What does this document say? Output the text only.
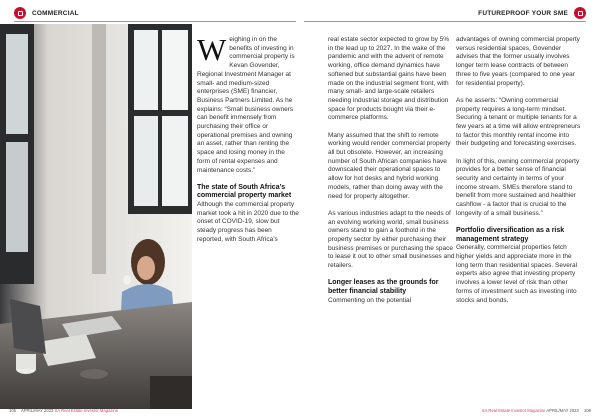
COMMERCIAL	FUTUREPROOF YOUR SME

Weighing in on the benefits of investing in commercial property is Kevan Govender, Regional Investment Manager at small- and medium-sized enterprises (SME) financier, Business Partners Limited. As he explains: “Small business owners can benefit immensely from purchasing their office or operational premises and owning an asset, rather than renting the space and losing money in the form of rental expenses and maintenance costs.”

The state of South Africa’s commercial property market

Although the commercial property market took a hit in 2020 due to the onset of COVID-19, slow but steady progress has been reported, with South Africa’s

real estate sector expected to grow by 5% in the lead up to 2027. In the wake of the pandemic and with the advent of remote working, office demand dynamics have softened but substantial gains have been made on the industrial segment front, with many small- and large-scale retailers needing industrial storage and distribution space for products bought via their e-commerce platforms.

Many assumed that the shift to remote working would render commercial property all but obsolete. However, an increasing number of South African companies have downscaled their operational spaces to allow for hot desks and hybrid working models, rather than doing away with the need for property altogether.

As various industries adapt to the needs of an evolving working world, small business owners stand to gain a foothold in the property sector by either purchasing their business premises or purchasing the space to lease it out to other small businesses and retailers.

Longer leases as the grounds for better financial stability

Commenting on the potential

advantages of owning commercial property versus residential spaces, Govender advises that the former usually involves longer term lease contracts of between three to five years (compared to one year for residential property).

As he asserts: “Owning commercial property requires a long-term mindset. Securing a tenant or multiple tenants for a few years at a time will allow entrepreneurs to factor this monthly rental income into their budgeting and forecasting exercises.

In light of this, owning commercial property provides for a better sense of financial security and certainty in terms of your income stream. SMEs therefore stand to benefit from more sustained and healthier cashflow - a factor that is crucial to the longevity of a small business.”

Portfolio diversification as a risk management strategy

Generally, commercial properties fetch higher yields and appreciate more in the long term than residential spaces. Several experts also agree that investing property involves a lower level of risk than other forms of investment such as investing into stocks and bonds.

105 APRIL/MAY 2023 SA Real Estate Investor Magazine	SA Real Estate Investor Magazine APRIL/MAY 2023 106
